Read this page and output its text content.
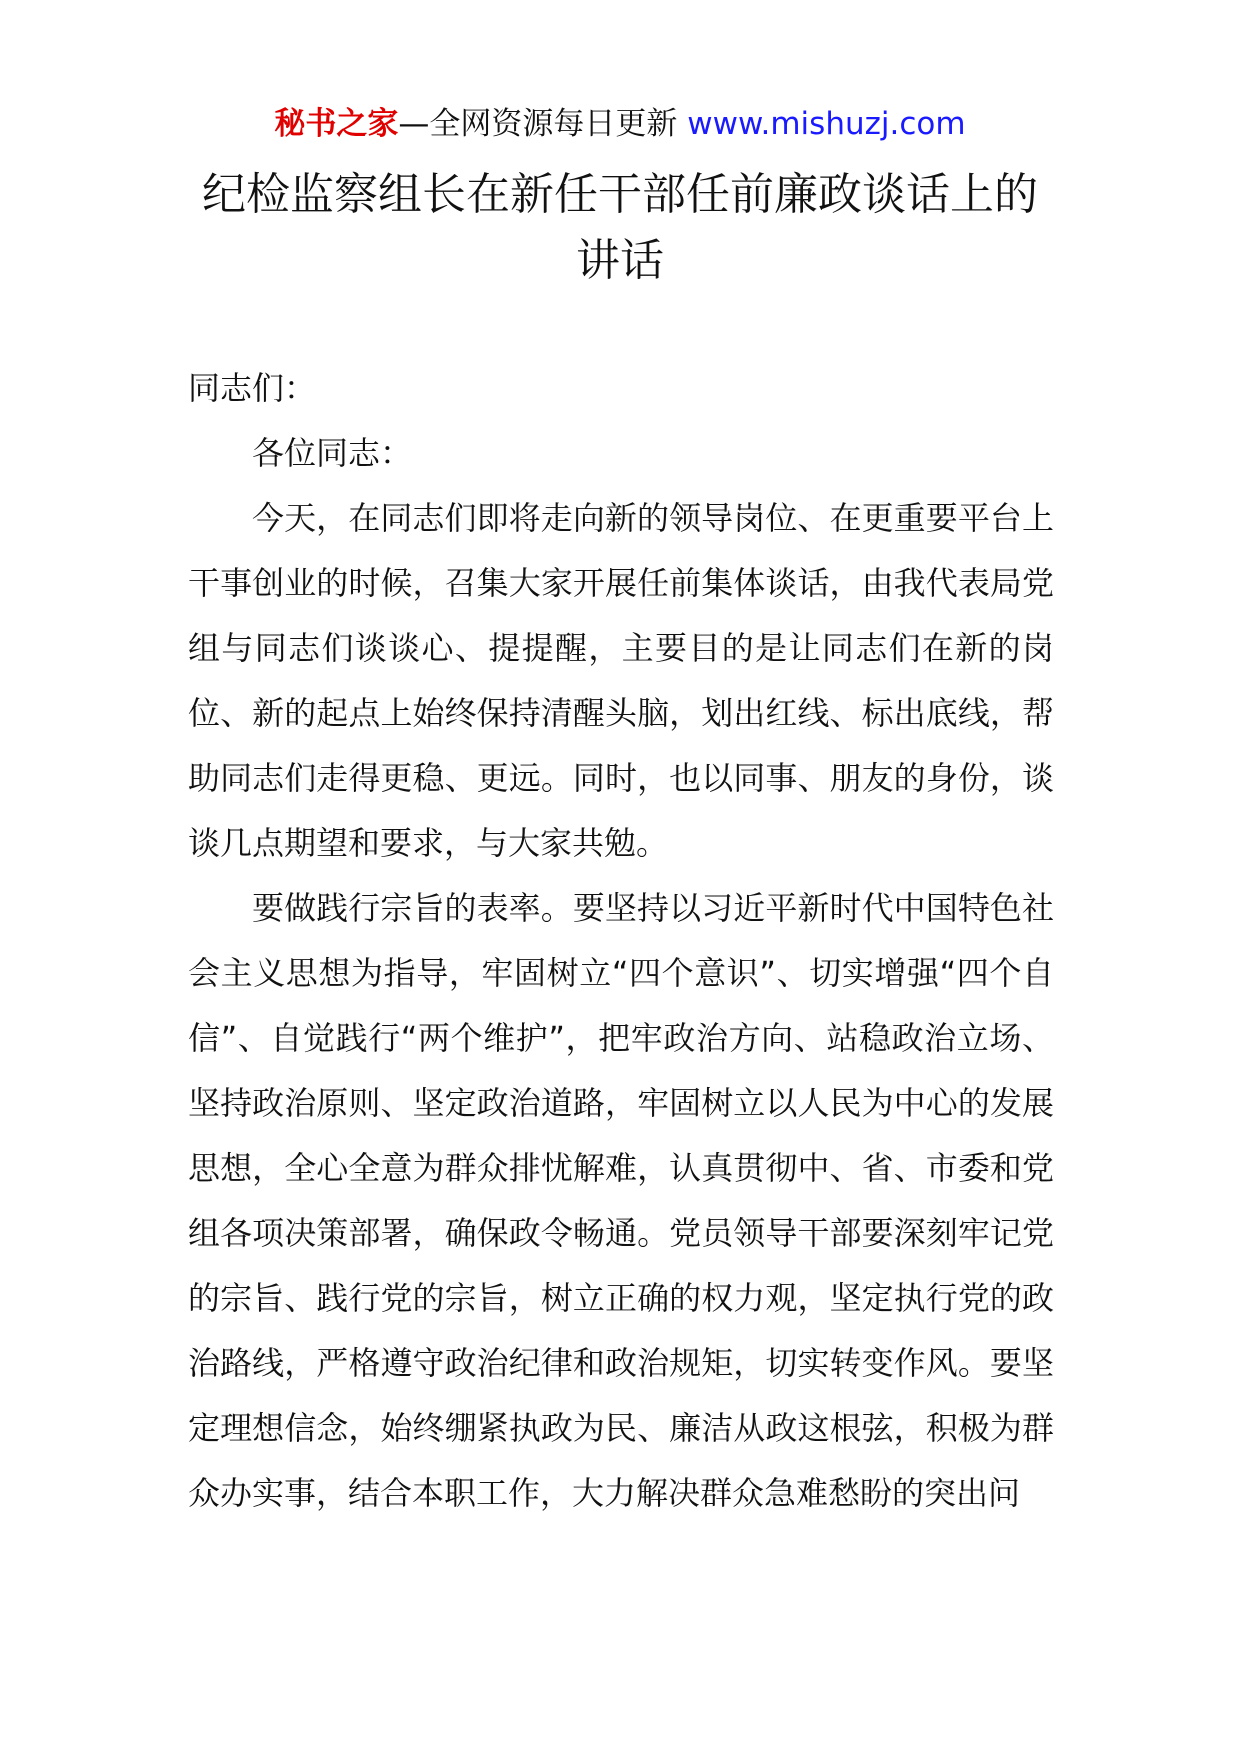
秘书之家—全网资源每日更新 www.mishuzj.com
纪检监察组长在新任干部任前廉政谈话上的讲话

同志们：

各位同志：

今天，在同志们即将走向新的领导岗位、在更重要平台上干事创业的时候，召集大家开展任前集体谈话，由我代表局党组与同志们谈谈心、提提醒，主要目的是让同志们在新的岗位、新的起点上始终保持清醒头脑，划出红线、标出底线，帮助同志们走得更稳、更远。同时，也以同事、朋友的身份，谈谈几点期望和要求，与大家共勉。

要做践行宗旨的表率。要坚持以习近平新时代中国特色社会主义思想为指导，牢固树立“四个意识”、切实增强“四个自信”、自觉践行“两个维护”，把牢政治方向、站稳政治立场、坚持政治原则、坚定政治道路，牢固树立以人民为中心的发展思想，全心全意为群众排忧解难，认真贯彻中、省、市委和党组各项决策部署，确保政令畅通。党员领导干部要深刻牢记党的宗旨、践行党的宗旨，树立正确的权力观，坚定执行党的政治路线，严格遵守政治纪律和政治规矩，切实转变作风。要坚定理想信念，始终绷紧执政为民、廉洁从政这根弦，积极为群众办实事，结合本职工作，大力解决群众急难愁盼的突出问
